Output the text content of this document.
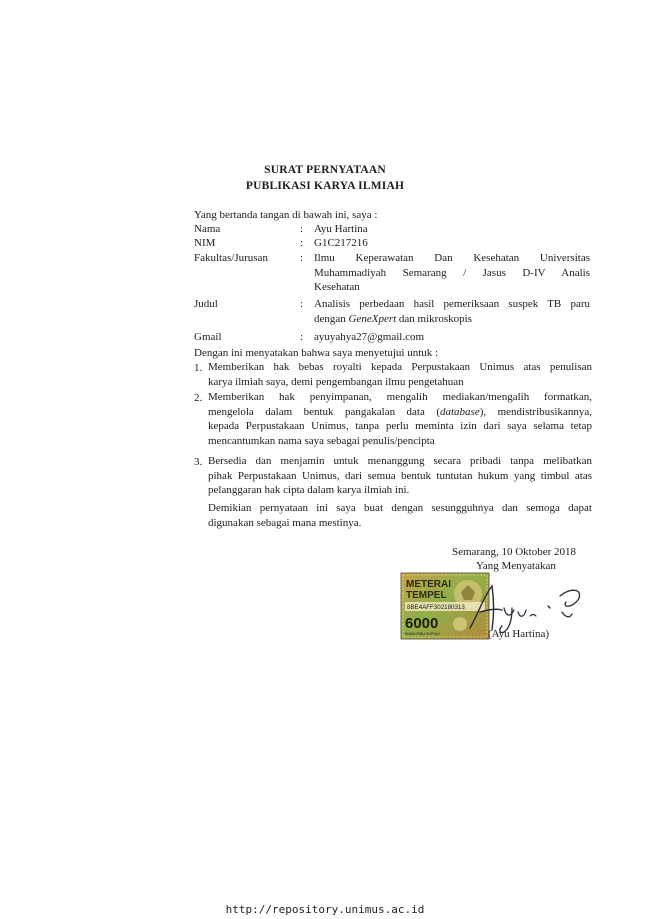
SURAT PERNYATAAN
PUBLIKASI KARYA ILMIAH
Yang bertanda tangan di bawah ini, saya :
Nama	: Ayu Hartina
NIM	: G1C217216
Fakultas/Jurusan	: Ilmu Keperawatan Dan Kesehatan Universitas
Muhammadiyah Semarang / Jasus D-IV Analis
Kesehatan
Judul	: Analisis perbedaan hasil pemeriksaan suspek TB paru
dengan GeneXpert dan mikroskopis
Gmail	: ayuyahya27@gmail.com
Dengan ini menyatakan bahwa saya menyetujui untuk :
1. Memberikan hak bebas royalti kepada Perpustakaan Unimus atas penulisan
karya ilmiah saya, demi pengembangan ilmu pengetahuan
2. Memberikan hak penyimpanan, mengalih mediakan/mengalih formatkan,
mengelola dalam bentuk pangakalan data (database), mendistribusikannya,
kepada Perpustakaan Unimus, tanpa perlu meminta izin dari saya selama tetap
mencantumkan nama saya sebagai penulis/pencipta
3. Bersedia dan menjamin untuk menanggung secara pribadi tanpa melibatkan
pihak Perpustakaan Unimus, dari semua bentuk tuntutan hukum yang timbul atas
pelanggaran hak cipta dalam karya ilmiah ini.
Demikian pernyataan ini saya buat dengan sesungguhnya dan semoga dapat
digunakan sebagai mana mestinya.
Semarang, 10 Oktober 2018
Yang Menyatakan
METERAI
TEMPEL
8BE4AFF302180313
6000
ENAM RIBU RUPIAH	(Ayu Hartina)
http://repository.unimus.ac.id
